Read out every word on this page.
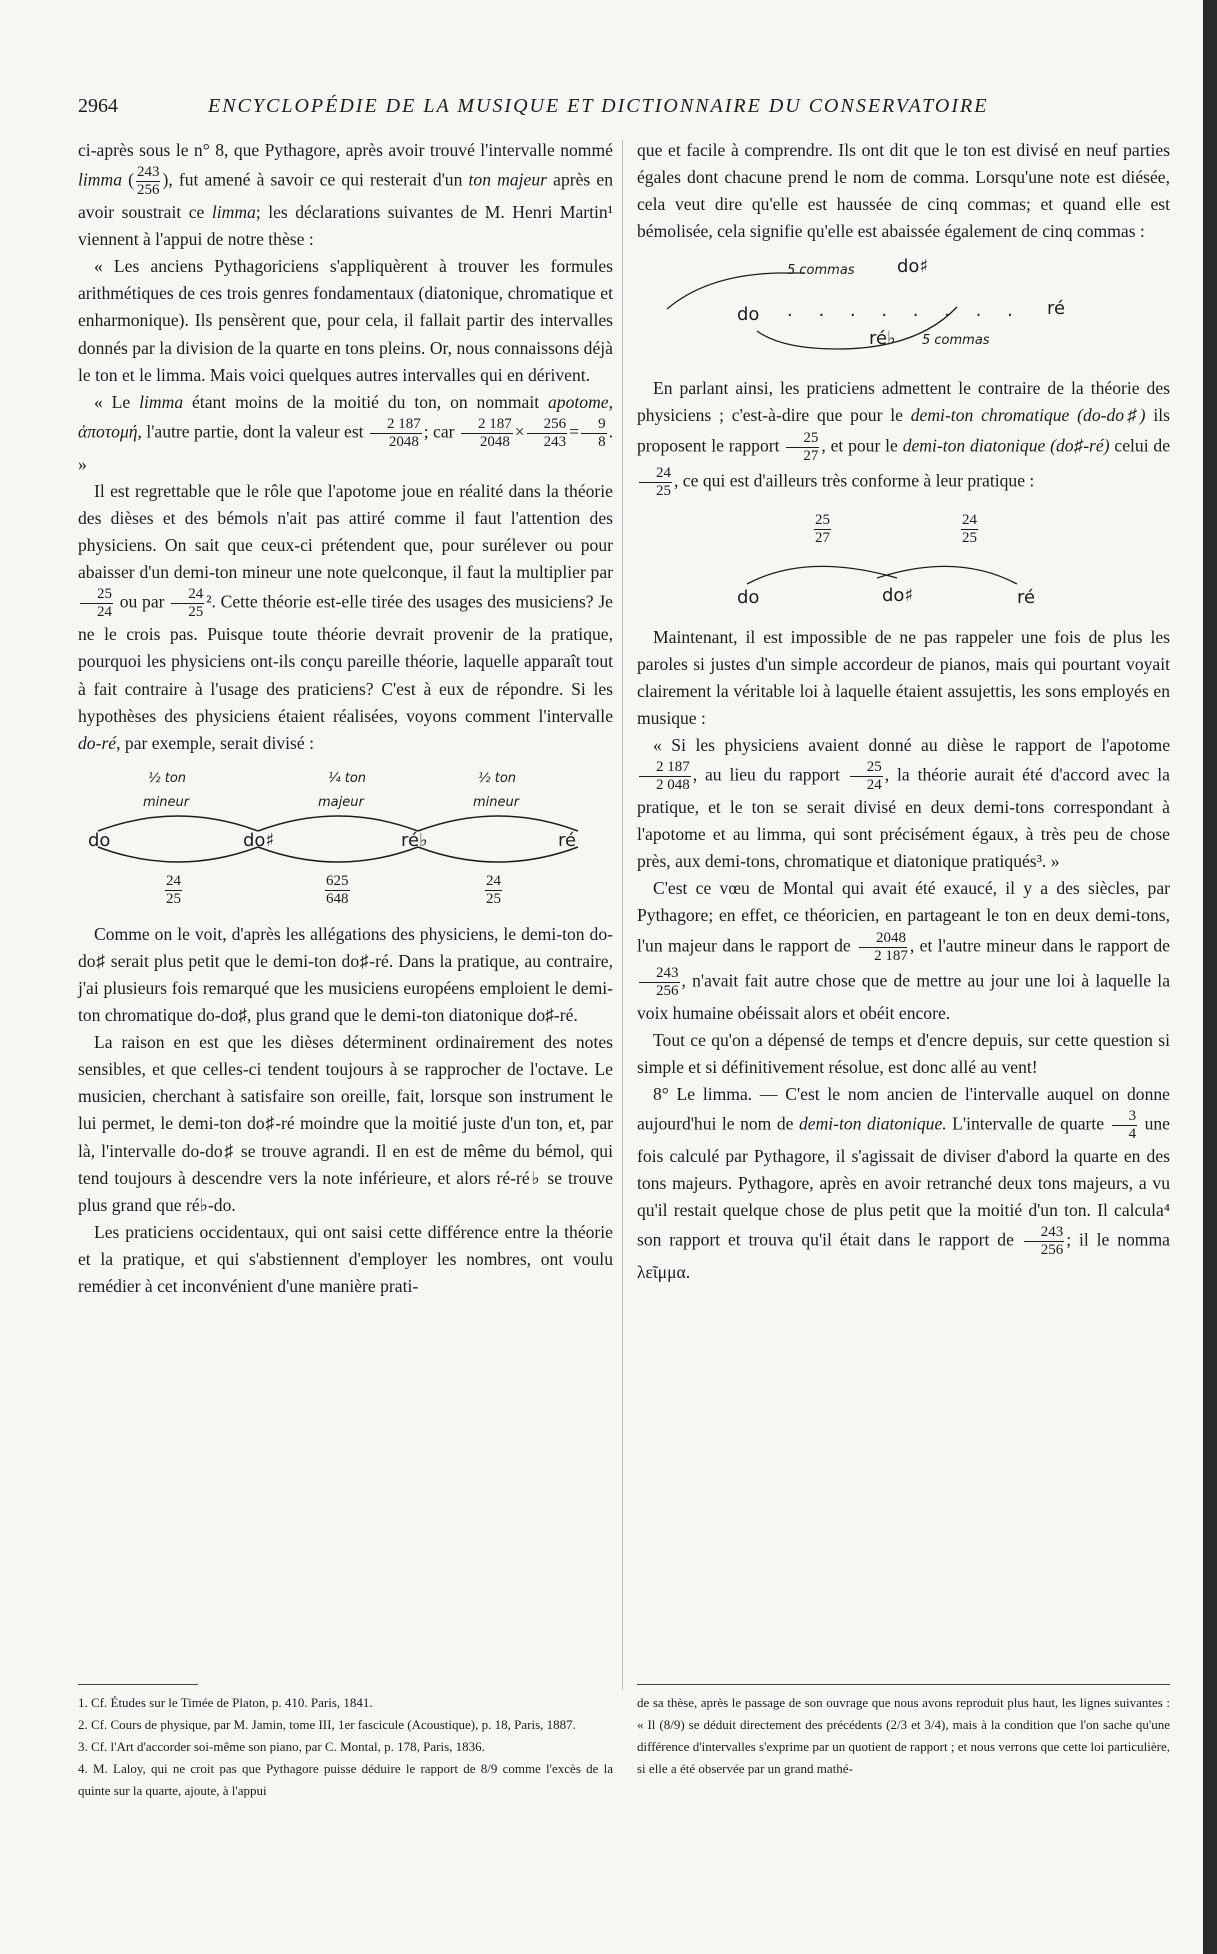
2964	ENCYCLOPÉDIE DE LA MUSIQUE ET DICTIONNAIRE DU CONSERVATOIRE

ci-après sous le n° 8, que Pythagore, après avoir trouvé l'intervalle nommé limma ( $\frac{243}{256}$ ), fut amené à savoir ce qui resterait d'un ton majeur après en avoir soustrait ce limma; les déclarations suivantes de M. Henri Martin¹ viennent à l'appui de notre thèse :

« Les anciens Pythagoriciens s'appliquèrent à trouver les formules arithmétiques de ces trois genres fondamentaux (diatonique, chromatique et enharmonique). Ils pensèrent que, pour cela, il fallait partir des intervalles donnés par la division de la quarte en tons pleins. Or, nous connaissons déjà le ton et le limma. Mais voici quelques autres intervalles qui en dérivent.

« Le limma étant moins de la moitié du ton, on nommait apotome, ἀποτομή, l'autre partie, dont la valeur est $\frac{2 187}{2048}$ ; car $\frac{2 187}{2048} \times \frac{256}{243} = \frac{9}{8}$ . »

Il est regrettable que le rôle que l'apotome joue en réalité dans la théorie des dièses et des bémols n'ait pas attiré comme il faut l'attention des physiciens. On sait que ceux-ci prétendent que, pour surélever ou pour abaisser d'un demi-ton mineur une note quelconque, il faut la multiplier par
$\frac{25}{24}$ ou par $\frac{24}{25} ^2$. Cette théorie est-elle tirée des usages des musiciens? Je ne le crois pas. Puisque toute théorie devrait provenir de la pratique, pourquoi les physiciens ont-ils conçu pareille théorie, laquelle apparaît tout à fait contraire à l'usage des praticiens? C'est à eux de répondre. Si les hypothèses des physiciens étaient réalisées, voyons comment l'intervalle do-ré, par exemple, serait divisé :

½ ton	¼ ton	½ ton
mineur	majeur	mineur
do	do♯	ré♭	ré
24
25
625
648
24
25

Comme on le voit, d'après les allégations des physiciens, le demi-ton do-do♯ serait plus petit que le demi-ton do♯-ré. Dans la pratique, au contraire, j'ai plusieurs fois remarqué que les musiciens européens emploient le demi-ton chromatique do-do♯, plus grand que le demi-ton diatonique do♯-ré.

La raison en est que les dièses déterminent ordinairement des notes sensibles, et que celles-ci tendent toujours à se rapprocher de l'octave. Le musicien, cherchant à satisfaire son oreille, fait, lorsque son instrument le lui permet, le demi-ton do♯-ré moindre que la moitié juste d'un ton, et, par là, l'intervalle do-do♯ se trouve agrandi. Il en est de même du bémol, qui tend toujours à descendre vers la note inférieure, et alors ré-ré♭ se trouve plus grand que ré♭-do.

Les praticiens occidentaux, qui ont saisi cette différence entre la théorie et la pratique, et qui s'abstiennent d'employer les nombres, ont voulu remédier à cet inconvénient d'une manière prati-

que et facile à comprendre. Ils ont dit que le ton est divisé en neuf parties égales dont chacune prend le nom de comma. Lorsqu'une note est diésée, cela veut dire qu'elle est haussée de cinq commas; et quand elle est bémolisée, cela signifie qu'elle est abaissée également de cinq commas :

5 commas do♯
do . . . . . . . . ré
ré♭ 5 commas

En parlant ainsi, les praticiens admettent le contraire de la théorie des physiciens ; c'est-à-dire que pour le demi-ton chromatique (do-do♯) ils proposent le rapport $\frac{25}{27}$ , et pour le demi-ton diatonique (do♯-ré) celui de
$\frac{24}{25}$ , ce qui est d'ailleurs très conforme à leur pratique :

25
27
24
25
do	do♯	ré

Maintenant, il est impossible de ne pas rappeler une fois de plus les paroles si justes d'un simple accordeur de pianos, mais qui pourtant voyait clairement la véritable loi à laquelle étaient assujettis, les sons employés en musique :

« Si les physiciens avaient donné au dièse le rapport de l'apotome
$\frac{2 187}{2 048}$ , au lieu du rapport $\frac{25}{24}$ , la théorie aurait été d'accord avec la pratique, et le ton se serait divisé en deux demi-tons correspondant à l'apotome et au limma, qui sont précisément égaux, à très peu de chose près, aux demi-tons, chromatique et diatonique pratiqués³. »

C'est ce vœu de Montal qui avait été exaucé, il y a des siècles, par Pythagore; en effet, ce théoricien, en partageant le ton en deux demi-tons, l'un majeur dans le rapport de $\frac{2048}{2 187}$ , et l'autre mineur dans le rapport de
$\frac{243}{256}$ , n'avait fait autre chose que de mettre au jour une loi à laquelle la voix humaine obéissait alors et obéit encore.

Tout ce qu'on a dépensé de temps et d'encre depuis, sur cette question si simple et si définitivement résolue, est donc allé au vent!

8° Le limma. — C'est le nom ancien de l'intervalle auquel on donne aujourd'hui le nom de demi-ton diatonique. L'intervalle de quarte $\frac{3}{4}$ une fois calculé par Pythagore, il s'agissait de diviser d'abord la quarte en des tons majeurs. Pythagore, après en avoir retranché deux tons majeurs, a vu qu'il restait quelque chose de plus petit que la moitié d'un ton. Il calcula⁴ son rapport et trouva qu'il était dans le rapport de $\frac{243}{256}$ ; il le nomma λεῖμμα.

1. Cf. Études sur le Timée de Platon, p. 410. Paris, 1841.

2. Cf. Cours de physique, par M. Jamin, tome III, 1er fascicule (Acoustique), p. 18, Paris, 1887.

3. Cf. l'Art d'accorder soi-même son piano, par C. Montal, p. 178, Paris, 1836.

4. M. Laloy, qui ne croit pas que Pythagore puisse déduire le rapport de 8/9 comme l'excès de la quinte sur la quarte, ajoute, à l'appui

de sa thèse, après le passage de son ouvrage que nous avons reproduit plus haut, les lignes suivantes : « Il (8/9) se déduit directement des précédents (2/3 et 3/4), mais à la condition que l'on sache qu'une différence d'intervalles s'exprime par un quotient de rapport ; et nous verrons que cette loi particulière, si elle a été observée par un grand mathé-
